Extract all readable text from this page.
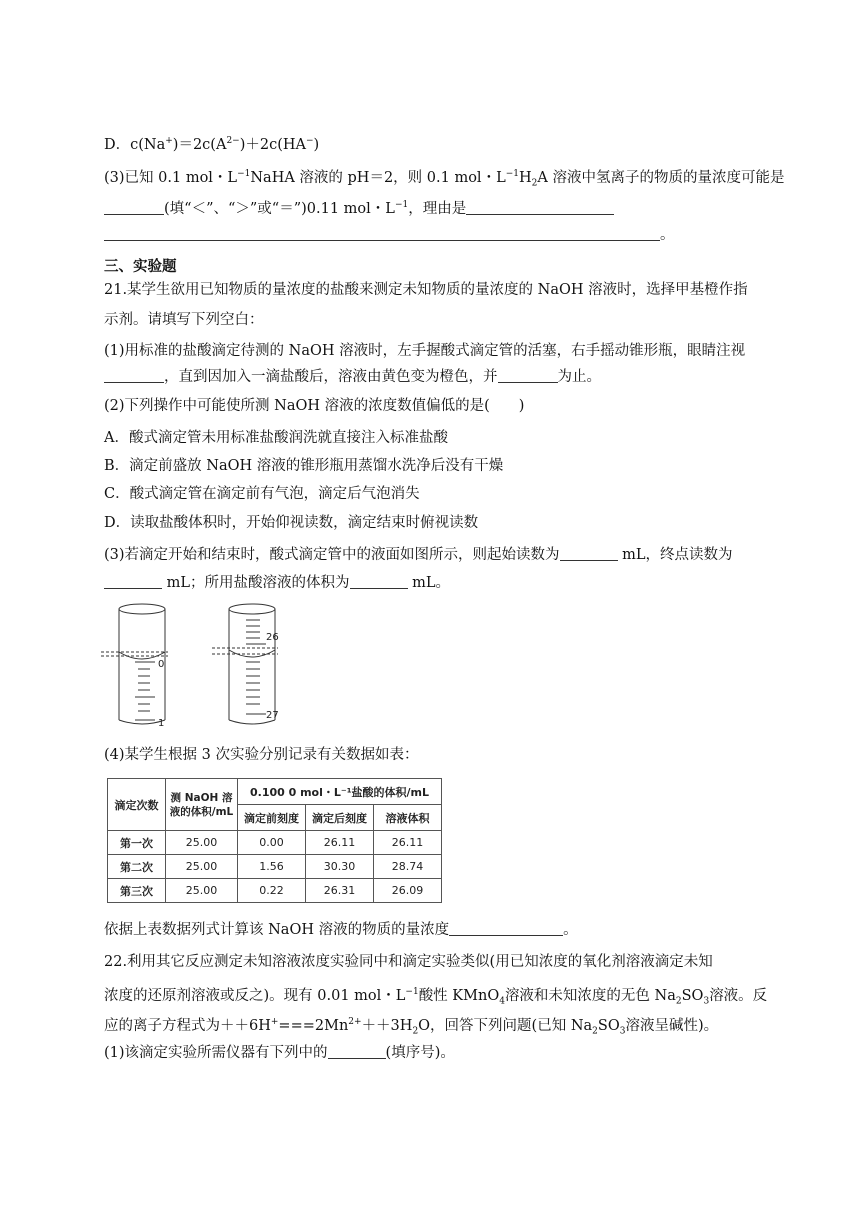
D．$c(Na^+)=2c(A^{2-})+2c(HA^-)$
(3)已知 0.1 mol・$L^{-1}NaHA$ 溶液的 pH＝2，则 0.1 mol・$L^{-1}H_2A$ 溶液中氢离子的物质的量浓度可能是
(填“＜”、“＞”或“＝”)0.11 mol・$L^{-1}$，理由是
。
三、实验题
21.某学生欲用已知物质的量浓度的盐酸来测定未知物质的量浓度的 NaOH 溶液时，选择甲基橙作指
示剂。请填写下列空白：
(1)用标准的盐酸滴定待测的 NaOH 溶液时，左手握酸式滴定管的活塞，右手摇动锥形瓶，眼睛注视
，直到因加入一滴盐酸后，溶液由黄色变为橙色，并	为止。
(2)下列操作中可能使所测 NaOH 溶液的浓度数值偏低的是(　　)
A．酸式滴定管未用标准盐酸润洗就直接注入标准盐酸
B．滴定前盛放 NaOH 溶液的锥形瓶用蒸馏水洗净后没有干燥
C．酸式滴定管在滴定前有气泡，滴定后气泡消失
D．读取盐酸体积时，开始仰视读数，滴定结束时俯视读数
(3)若滴定开始和结束时，酸式滴定管中的液面如图所示，则起始读数为	mL，终点读数为
mL；所用盐酸溶液的体积为	mL。
0
1
26
27
(4)某学生根据 3 次实验分别记录有关数据如表：
滴定次数	测 NaOH 溶液的体积/mL	0.100 0 mol・L⁻¹盐酸的体积/mL		
		滴定前刻度	滴定后刻度	溶液体积
第一次	25.00	0.00	26.11	26.11
第二次	25.00	1.56	30.30	28.74
第三次	25.00	0.22	26.31	26.09
依据上表数据列式计算该 NaOH 溶液的物质的量浓度	。
22.利用其它反应测定未知溶液浓度实验同中和滴定实验类似(用已知浓度的氧化剂溶液滴定未知
浓度的还原剂溶液或反之)。现有 0.01 mol・$L^{-1}$酸性 KMnO$_4$溶液和未知浓度的无色 $Na_2SO_3$溶液。反
应的离子方程式为$++6H^+===2Mn^{2+}++3H_2O$，回答下列问题(已知 $Na_2SO_3$溶液呈碱性)。
(1)该滴定实验所需仪器有下列中的	(填序号)。
